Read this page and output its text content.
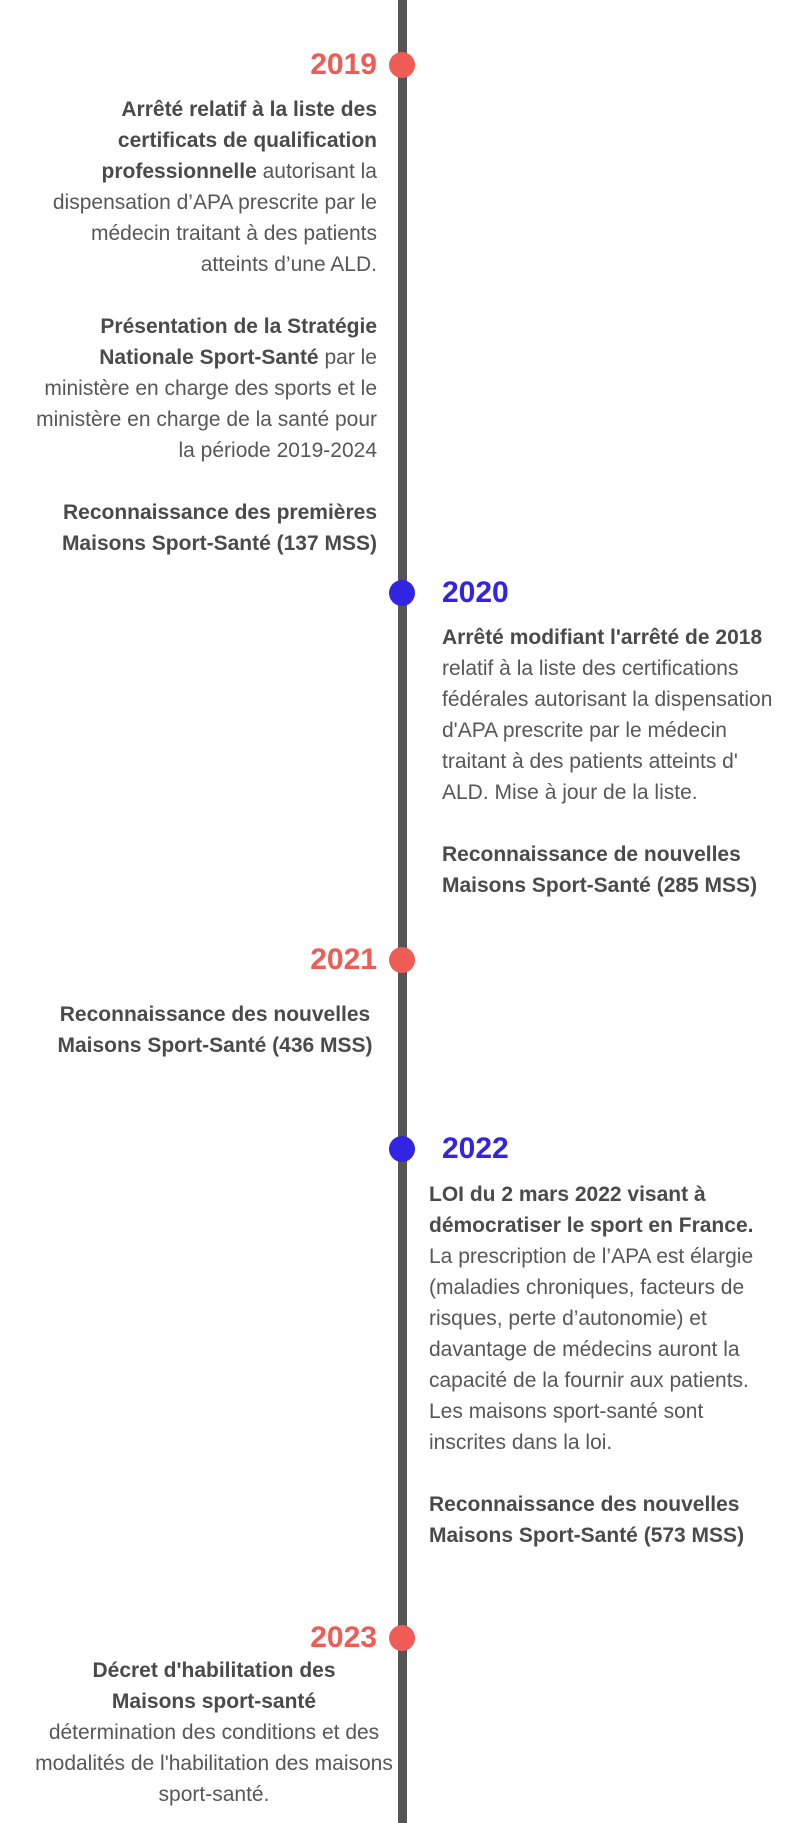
2019

Arrêté relatif à la liste des certificats de qualification professionnelle autorisant la dispensation d’APA prescrite par le médecin traitant à des patients atteints d’une ALD.

Présentation de la Stratégie Nationale Sport-Santé par le ministère en charge des sports et le ministère en charge de la santé pour la période 2019-2024

Reconnaissance des premières Maisons Sport-Santé (137 MSS)

2020

Arrêté modifiant l'arrêté de 2018 relatif à la liste des certifications fédérales autorisant la dispensation d'APA prescrite par le médecin traitant à des patients atteints d' ALD. Mise à jour de la liste.

Reconnaissance de nouvelles Maisons Sport-Santé (285 MSS)

2021

Reconnaissance des nouvelles Maisons Sport-Santé (436 MSS)

2022

LOI du 2 mars 2022 visant à démocratiser le sport en France. La prescription de l’APA est élargie (maladies chroniques, facteurs de risques, perte d’autonomie) et davantage de médecins auront la capacité de la fournir aux patients. Les maisons sport-santé sont inscrites dans la loi.

Reconnaissance des nouvelles Maisons Sport-Santé (573 MSS)

2023

Décret d'habilitation des Maisons sport-santé
détermination des conditions et des modalités de l'habilitation des maisons sport-santé.
